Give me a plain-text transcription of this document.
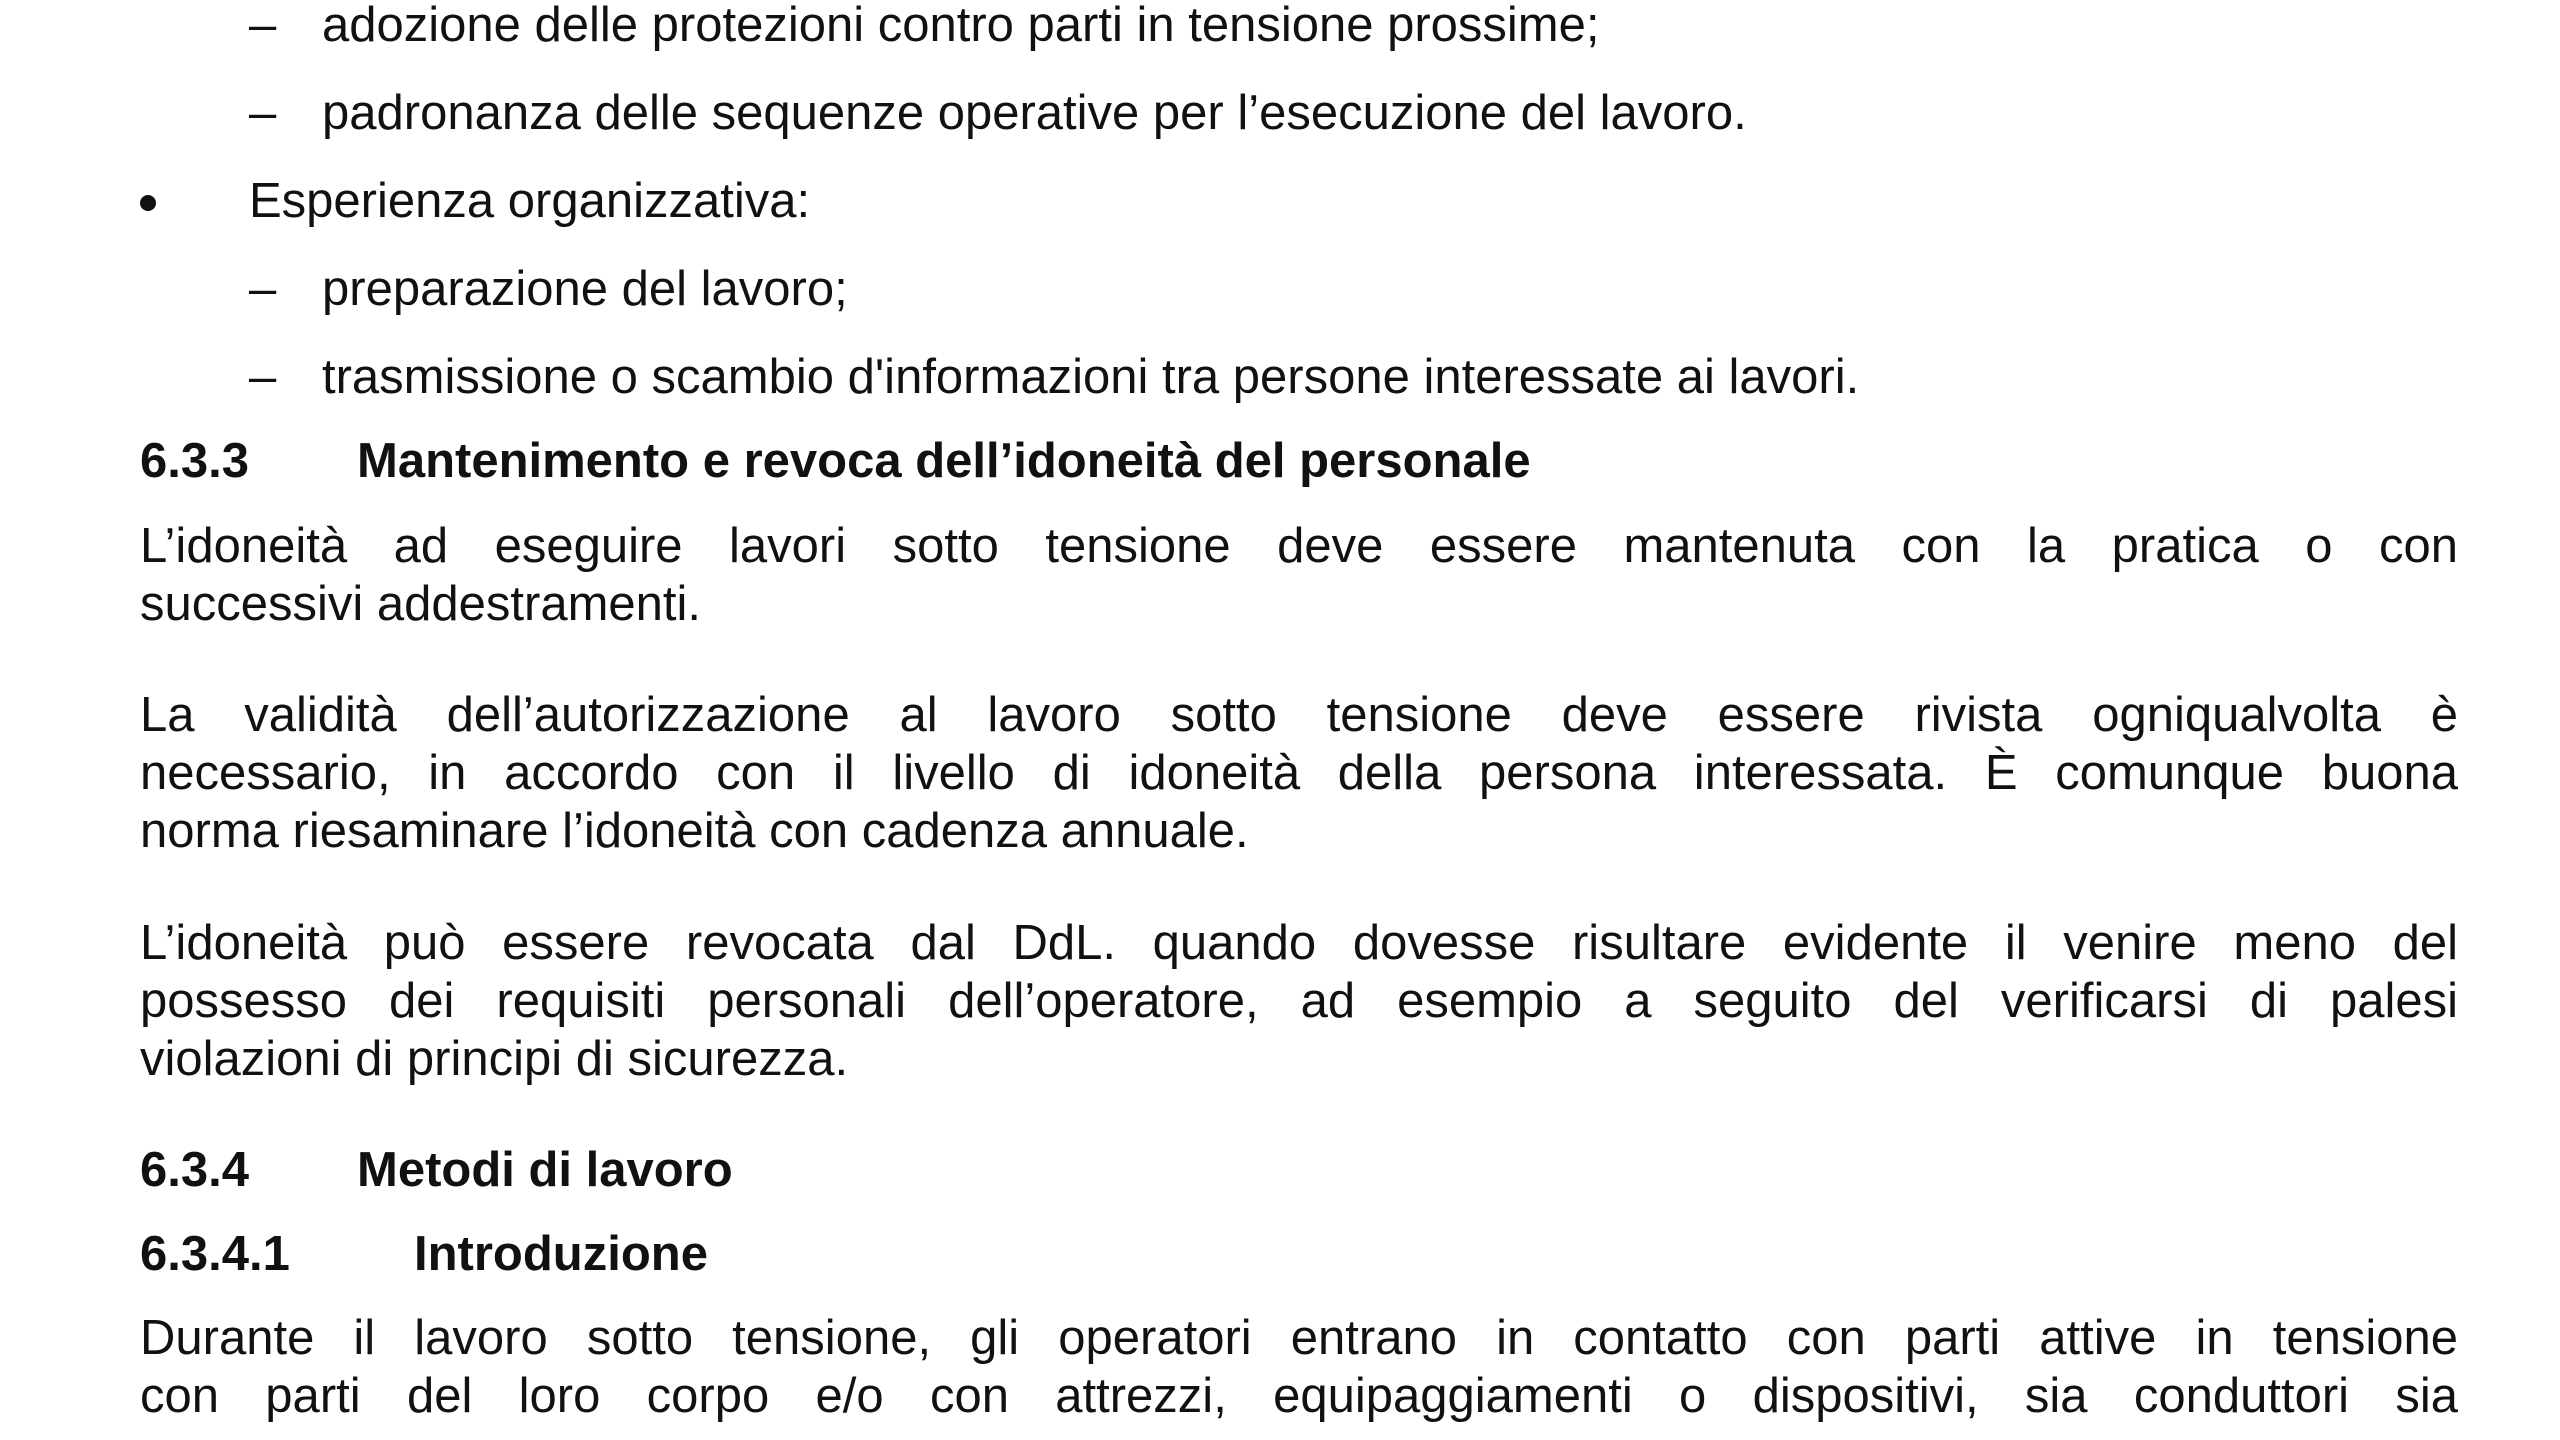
– adozione delle protezioni contro parti in tensione prossime;
– padronanza delle sequenze operative per l’esecuzione del lavoro.
Esperienza organizzativa:
– preparazione del lavoro;
– trasmissione o scambio d'informazioni tra persone interessate ai lavori.
6.3.3 Mantenimento e revoca dell’idoneità del personale
L’idoneità ad eseguire lavori sotto tensione deve essere mantenuta con la pratica o con
successivi addestramenti.
La validità dell’autorizzazione al lavoro sotto tensione deve essere rivista ogniqualvolta è
necessario, in accordo con il livello di idoneità della persona interessata. È comunque buona
norma riesaminare l’idoneità con cadenza annuale.
L’idoneità può essere revocata dal DdL. quando dovesse risultare evidente il venire meno del
possesso dei requisiti personali dell’operatore, ad esempio a seguito del verificarsi di palesi
violazioni di principi di sicurezza.
6.3.4 Metodi di lavoro
6.3.4.1	Introduzione
Durante il lavoro sotto tensione, gli operatori entrano in contatto con parti attive in tensione
con parti del loro corpo e/o con attrezzi, equipaggiamenti o dispositivi, sia conduttori sia
